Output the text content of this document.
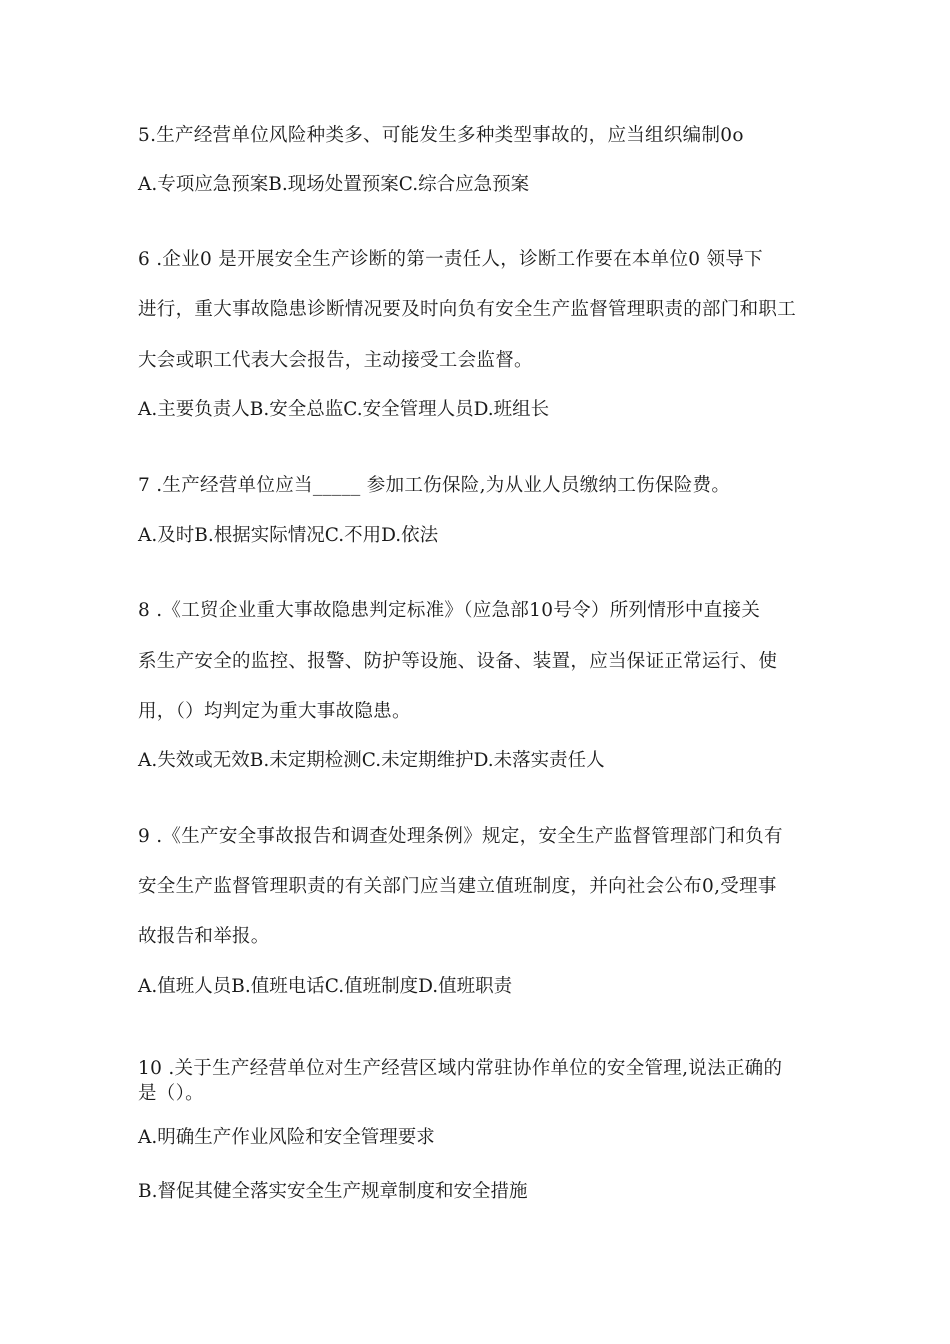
5.生产经营单位风险种类多、可能发生多种类型事故的，应当组织编制0o
A.专项应急预案B.现场处置预案C.综合应急预案
6 .企业0 是开展安全生产诊断的第一责任人，诊断工作要在本单位0 领导下
进行，重大事故隐患诊断情况要及时向负有安全生产监督管理职责的部门和职工
大会或职工代表大会报告，主动接受工会监督。
A.主要负责人B.安全总监C.安全管理人员D.班组长
7 .生产经营单位应当_____ 参加工伤保险,为从业人员缴纳工伤保险费。
A.及时B.根据实际情况C.不用D.依法
8 .《工贸企业重大事故隐患判定标准》（应急部10号令）所列情形中直接关
系生产安全的监控、报警、防护等设施、设备、装置，应当保证正常运行、使
用，（）均判定为重大事故隐患。
A.失效或无效B.未定期检测C.未定期维护D.未落实责任人
9 .《生产安全事故报告和调查处理条例》规定，安全生产监督管理部门和负有
安全生产监督管理职责的有关部门应当建立值班制度，并向社会公布0,受理事
故报告和举报。
A.值班人员B.值班电话C.值班制度D.值班职责
10 .关于生产经营单位对生产经营区域内常驻协作单位的安全管理,说法正确的
是（）。
A.明确生产作业风险和安全管理要求
B.督促其健全落实安全生产规章制度和安全措施
